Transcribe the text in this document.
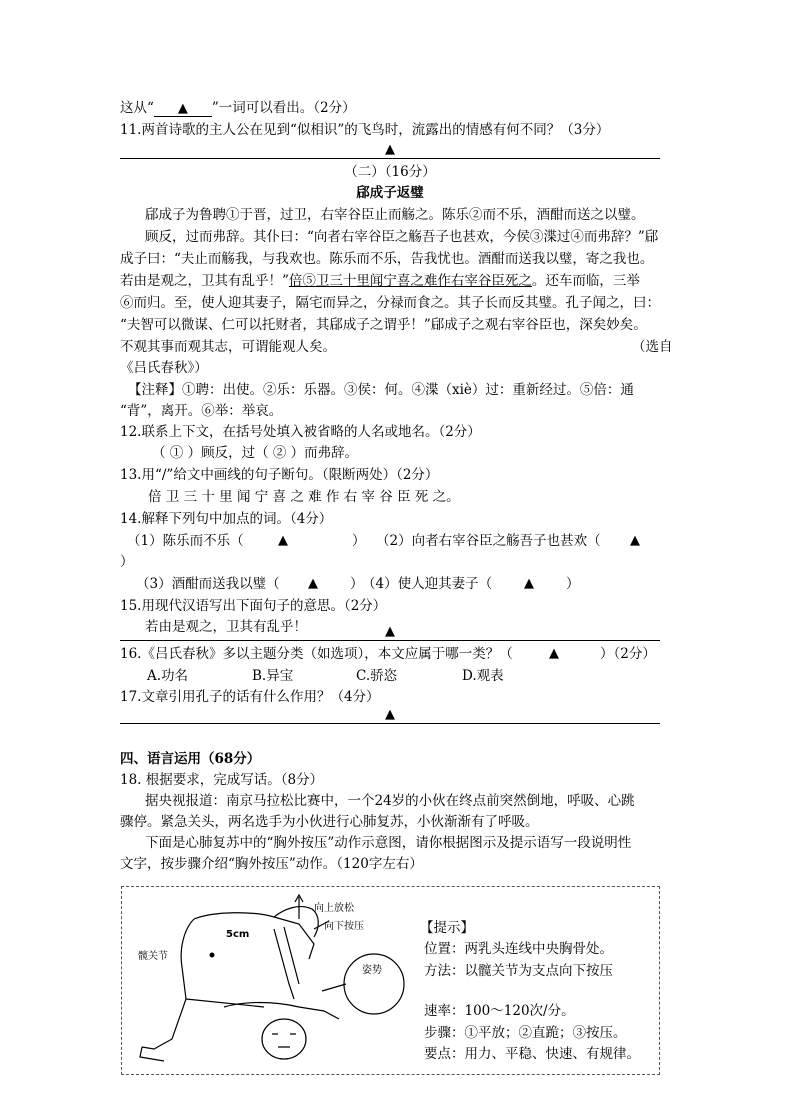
这从“ ▲ ”一词可以看出。（2分）
11.两首诗歌的主人公在见到“似相识”的飞鸟时，流露出的情感有何不同？（3分）
▲
（二）（16分）
郈成子返璧
郈成子为鲁聘①于晋，过卫，右宰谷臣止而觞之。陈乐②而不乐，酒酣而送之以璧。
顾反，过而弗辞。其仆曰：“向者右宰谷臣之觞吾子也甚欢，今侯③渫过④而弗辞？”郈
成子曰：“夫止而觞我，与我欢也。陈乐而不乐，告我忧也。酒酣而送我以璧，寄之我也。
若由是观之，卫其有乱乎！”倍⑤卫三十里闻宁喜之难作右宰谷臣死之。还车而临，三举
⑥而归。至，使人迎其妻子，隔宅而异之，分禄而食之。其子长而反其璧。孔子闻之，曰：
“夫智可以微谋、仁可以托财者，其郈成子之谓乎！”郈成子之观右宰谷臣也，深矣妙矣。
不观其事而观其志，可谓能观人矣。	（选自
《吕氏春秋》）
【注释】①聘：出使。②乐：乐器。③侯：何。④渫（xiè）过：重新经过。⑤倍：通
“背”，离开。⑥举：举哀。
12.联系上下文，在括号处填入被省略的人名或地名。（2分）
（ ① ）顾反，过（ ② ）而弗辞。
13.用“/”给文中画线的句子断句。（限断两处）（2分）
倍 卫 三 十 里 闻 宁 喜 之 难 作 右 宰 谷 臣 死 之。
14.解释下列句中加点的词。（4分）
（1）陈乐而不乐（	▲	） （2）向者右宰谷臣之觞吾子也甚欢（ ▲
）
（3）酒酣而送我以璧（ ▲ ）
（4）使人迎其妻子（ ▲ ）
15.用现代汉语写出下面句子的意思。（2分）
若由是观之，卫其有乱乎！	▲
16.《吕氏春秋》多以主题分类（如选项），本文应属于哪一类？（	▲	）（2分）
A.功名	B.异宝	C.骄恣	D.观表
17.文章引用孔子的话有什么作用？（4分）
▲
四、语言运用（68分）
18. 根据要求，完成写话。（8分）
据央视报道：南京马拉松比赛中，一个24岁的小伙在终点前突然倒地，呼吸、心跳
骤停。紧急关头，两名选手为小伙进行心肺复苏，小伙渐渐有了呼吸。
下面是心肺复苏中的“胸外按压”动作示意图，请你根据图示及提示语写一段说明性
文字，按步骤介绍“胸外按压”动作。（120字左右）
向上放松
向下按压
5cm
髋关节
姿势
【提示】
位置：两乳头连线中央胸骨处。
方法：以髋关节为支点向下按压
速率：100～120次/分。
步骤：①平放；②直跪；③按压。
要点：用力、平稳、快速、有规律。
